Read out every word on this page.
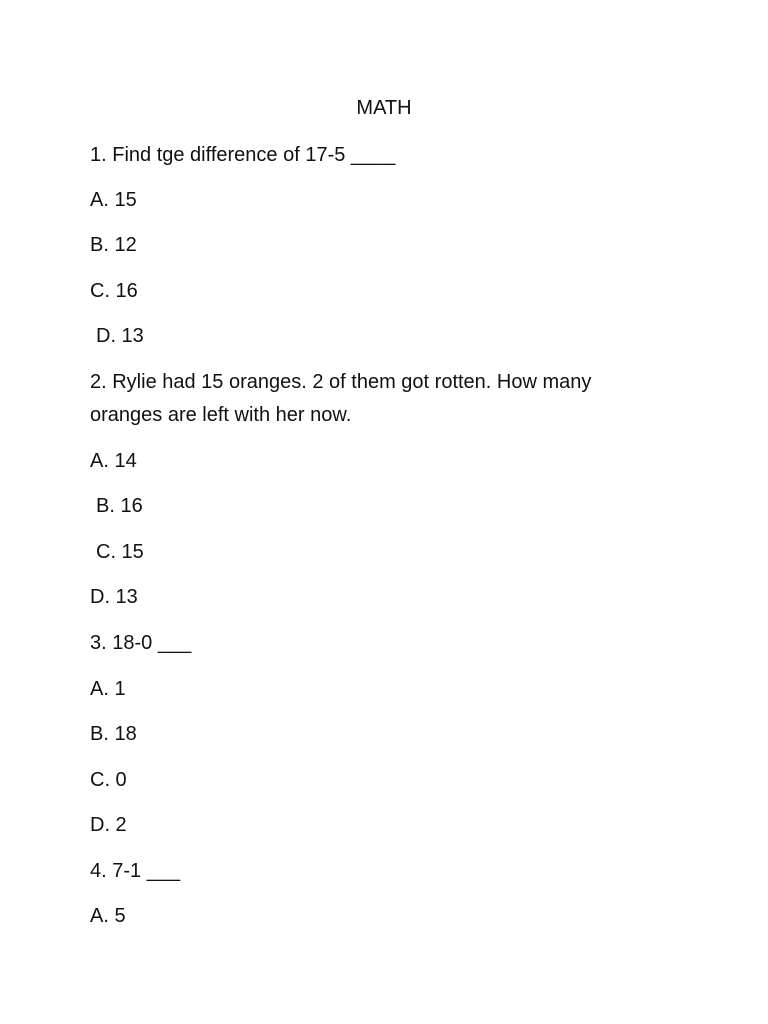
MATH
1. Find tge difference of 17-5 ____
A. 15
B. 12
C. 16
D. 13
2. Rylie had 15 oranges. 2 of them got rotten. How many oranges are left with her now.
A. 14
B. 16
C. 15
D. 13
3. 18-0 ___
A. 1
B. 18
C. 0
D. 2
4. 7-1 ___
A. 5
